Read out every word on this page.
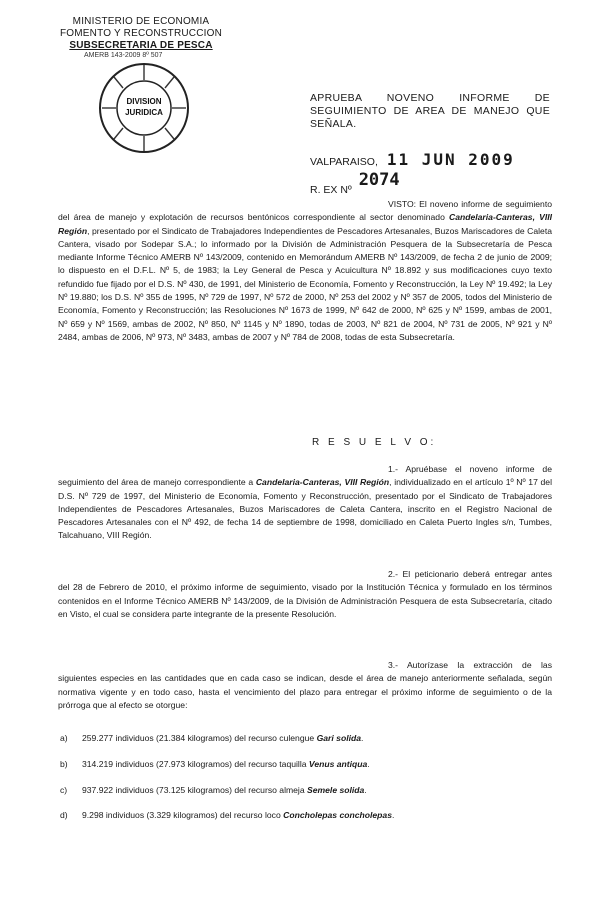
MINISTERIO DE ECONOMIA
FOMENTO Y RECONSTRUCCION
SUBSECRETARIA DE PESCA
AMERB 143-2009 8º 507
DIVISION
JURIDICA
APRUEBA NOVENO INFORME DE
SEGUIMIENTO DE AREA DE MANEJO QUE
SEÑALA.
VALPARAISO, 11 JUN 2009
R. EX Nº 2074
VISTO: El noveno informe de seguimiento del área de manejo y explotación de recursos bentónicos correspondiente al sector denominado Candelaria-Canteras, VIII Región, presentado por el Sindicato de Trabajadores Independientes de Pescadores Artesanales, Buzos Mariscadores de Caleta Cantera, visado por Sodepar S.A.; lo informado por la División de Administración Pesquera de la Subsecretaría de Pesca mediante Informe Técnico AMERB Nº 143/2009, contenido en Memorándum AMERB Nº 143/2009, de fecha 2 de junio de 2009; lo dispuesto en el D.F.L. Nº 5, de 1983; la Ley General de Pesca y Acuicultura Nº 18.892 y sus modificaciones cuyo texto refundido fue fijado por el D.S. Nº 430, de 1991, del Ministerio de Economía, Fomento y Reconstrucción, la Ley Nº 19.492; la Ley Nº 19.880; los D.S. Nº 355 de 1995, Nº 729 de 1997, Nº 572 de 2000, Nº 253 del 2002 y Nº 357 de 2005, todos del Ministerio de Economía, Fomento y Reconstrucción; las Resoluciones Nº 1673 de 1999, Nº 642 de 2000, Nº 625 y Nº 1599, ambas de 2001, Nº 659 y Nº 1569, ambas de 2002, Nº 850, Nº 1145 y Nº 1890, todas de 2003, Nº 821 de 2004, Nº 731 de 2005, Nº 921 y Nº 2484, ambas de 2006, Nº 973, Nº 3483, ambas de 2007 y Nº 784 de 2008, todas de esta Subsecretaría.
R E S U E L V O:
1.- Apruébase el noveno informe de seguimiento del área de manejo correspondiente a Candelaria-Canteras, VIII Región, individualizado en el artículo 1º Nº 17 del D.S. Nº 729 de 1997, del Ministerio de Economía, Fomento y Reconstrucción, presentado por el Sindicato de Trabajadores Independientes de Pescadores Artesanales, Buzos Mariscadores de Caleta Cantera, inscrito en el Registro Nacional de Pescadores Artesanales con el Nº 492, de fecha 14 de septiembre de 1998, domiciliado en Caleta Puerto Ingles s/n, Tumbes, Talcahuano, VIII Región.
2.- El peticionario deberá entregar antes del 28 de Febrero de 2010, el próximo informe de seguimiento, visado por la Institución Técnica y formulado en los términos contenidos en el Informe Técnico AMERB Nº 143/2009, de la División de Administración Pesquera de esta Subsecretaría, citado en Visto, el cual se considera parte integrante de la presente Resolución.
3.- Autorízase la extracción de las siguientes especies en las cantidades que en cada caso se indican, desde el área de manejo anteriormente señalada, según normativa vigente y en todo caso, hasta el vencimiento del plazo para entregar el próximo informe de seguimiento o de la prórroga que al efecto se otorgue:
a) 259.277 individuos (21.384 kilogramos) del recurso culengue Gari solida.
b) 314.219 individuos (27.973 kilogramos) del recurso taquilla Venus antiqua.
c) 937.922 individuos (73.125 kilogramos) del recurso almeja Semele solida.
d) 9.298 individuos (3.329 kilogramos) del recurso loco Concholepas concholepas.
